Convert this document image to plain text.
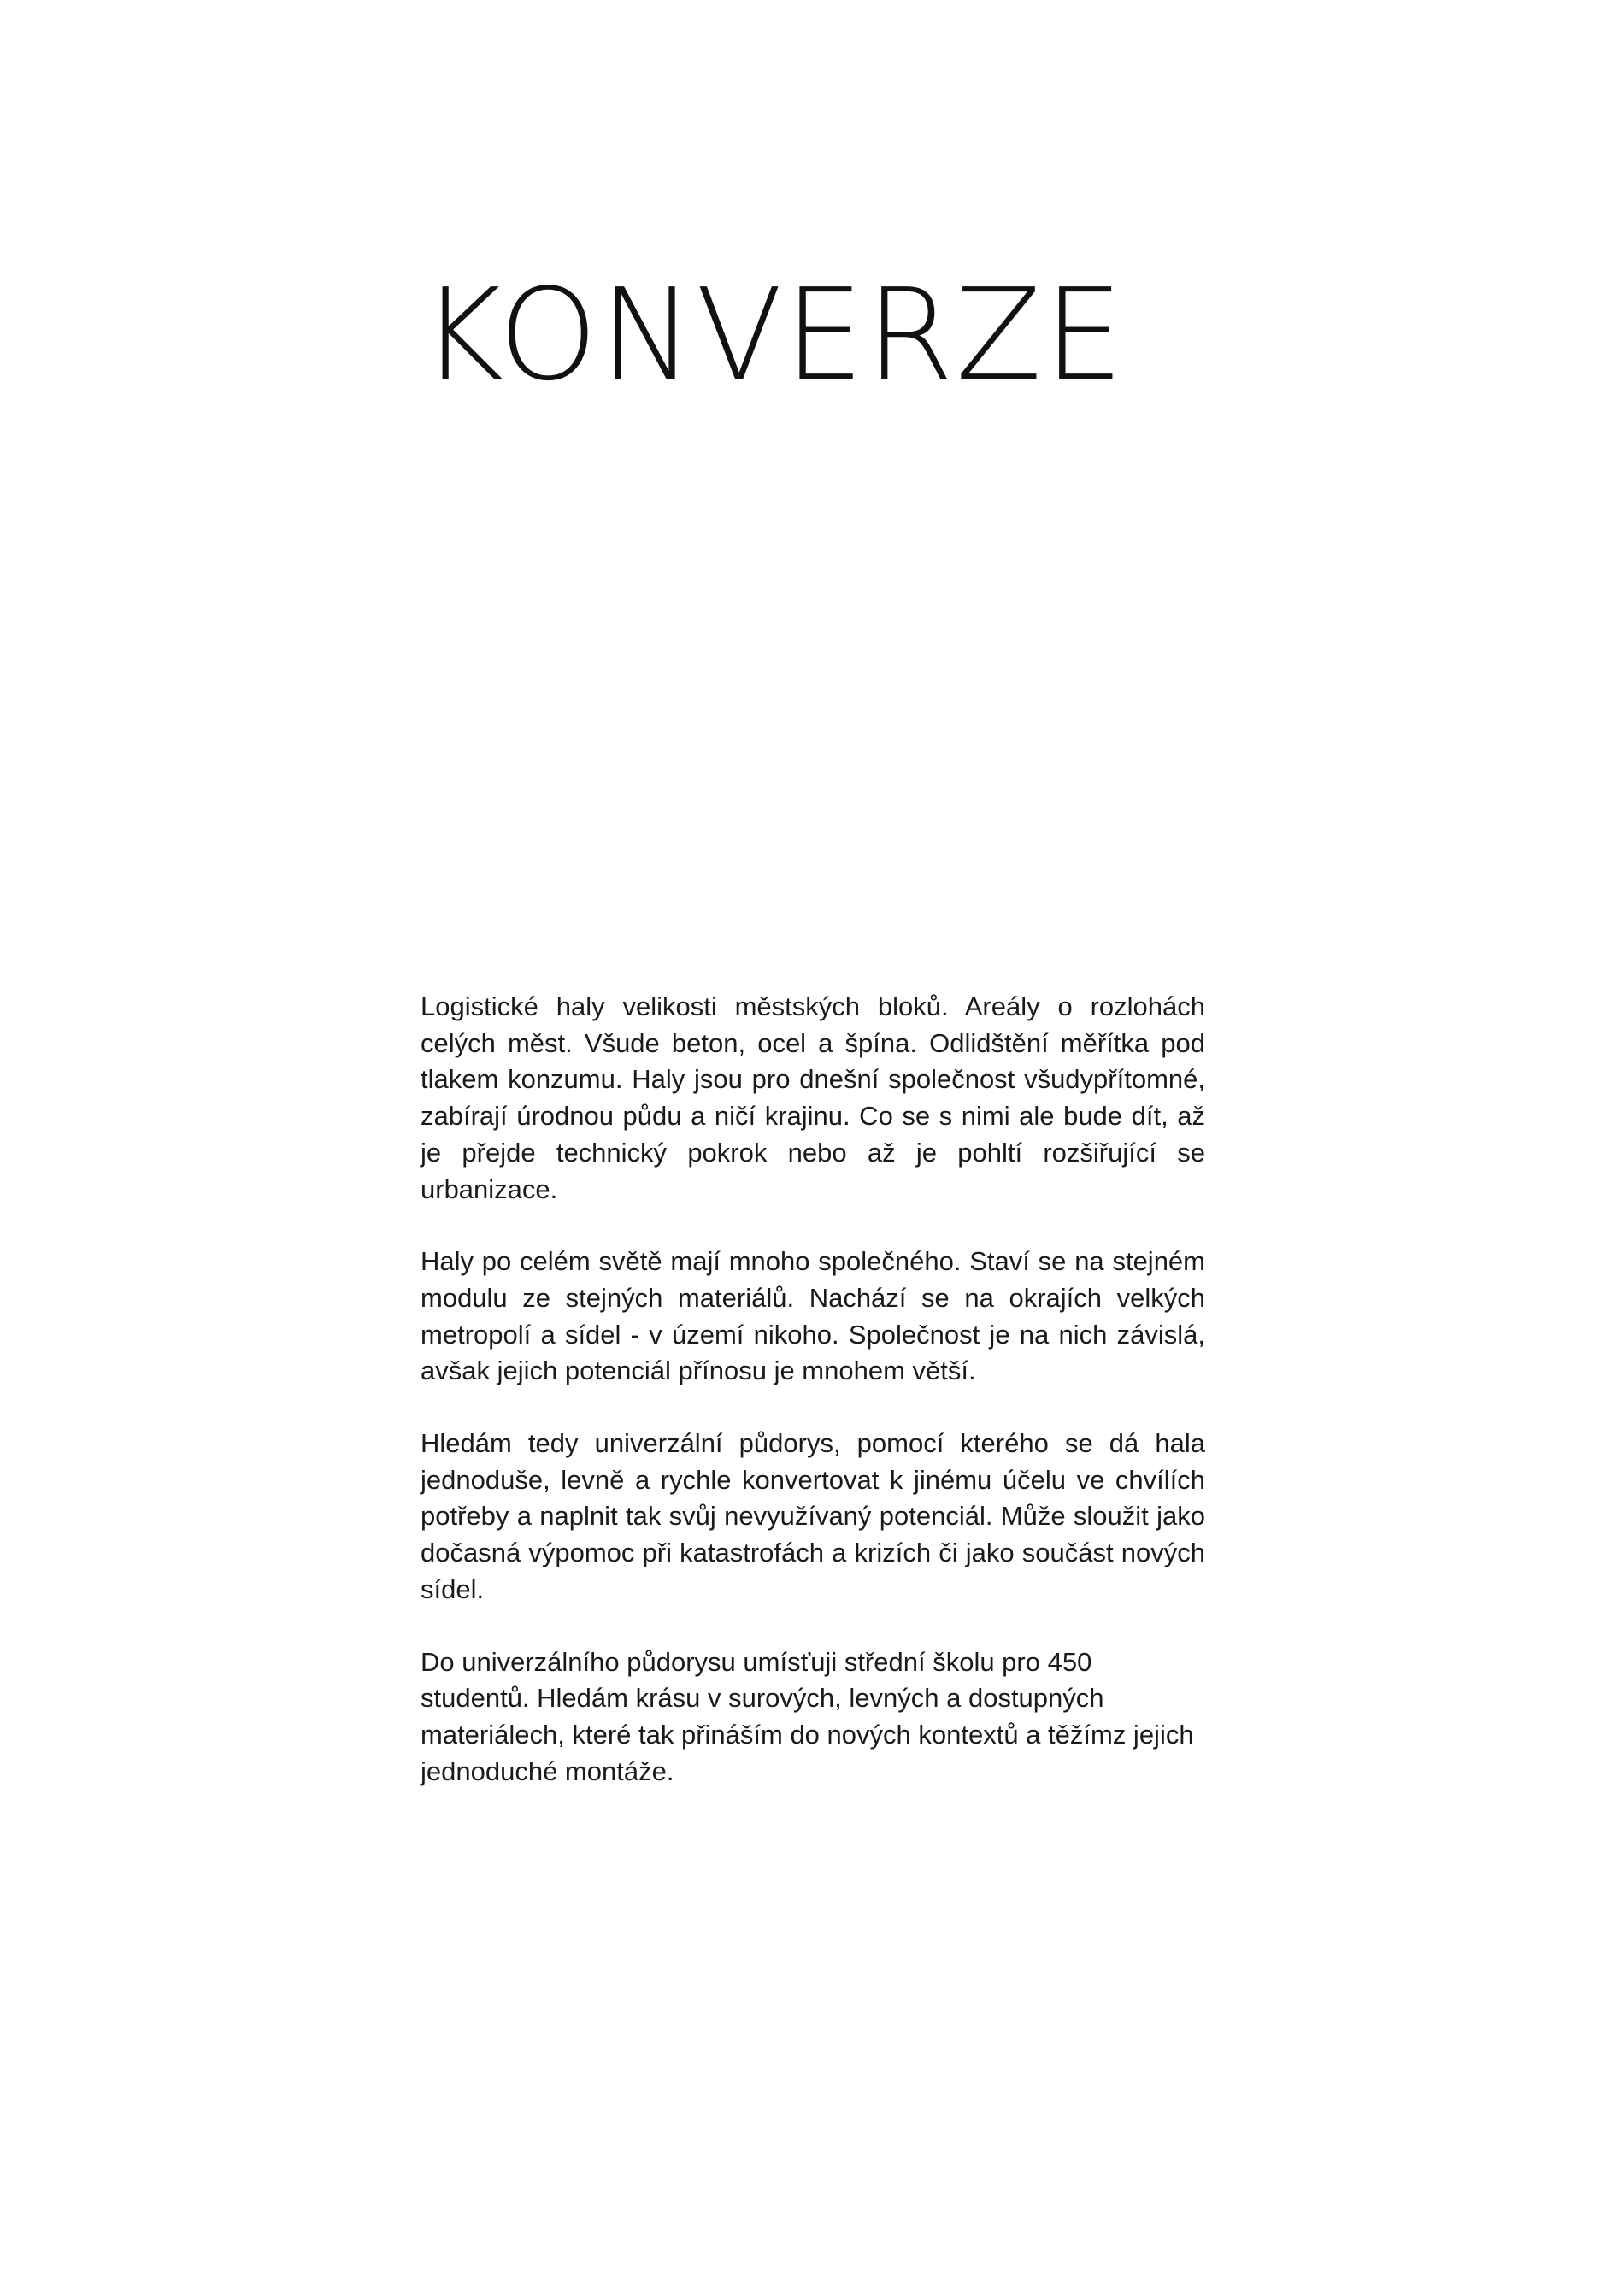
KONVERZE

Logistické haly velikosti městských bloků. Areály o rozlohách celých měst. Všude beton, ocel a špína. Odlidštění měřítka pod tlakem konzumu. Haly jsou pro dnešní společnost všudypřítomné, zabírají úrodnou půdu a ničí krajinu. Co se s nimi ale bude dít, až je přejde technický pokrok nebo až je pohltí rozšiřující se urbanizace.

Haly po celém světě mají mnoho společného. Staví se na stejném modulu ze stejných materiálů. Nachází se na okrajích velkých metropolí a sídel - v území nikoho. Společnost je na nich závislá, avšak jejich potenciál přínosu je mnohem větší.

Hledám tedy univerzální půdorys, pomocí kterého se dá hala jednoduše, levně a rychle konvertovat k jinému účelu ve chvílích potřeby a naplnit tak svůj nevyužívaný potenciál. Může sloužit jako dočasná výpomoc při katastrofách a krizích či jako součást nových sídel.

Do univerzálního půdorysu umísťuji střední školu pro 450 studentů. Hledám krásu v surových, levných a dostupných materiálech, které tak přináším do nových kontextů a těžímz jejich jednoduché montáže.
